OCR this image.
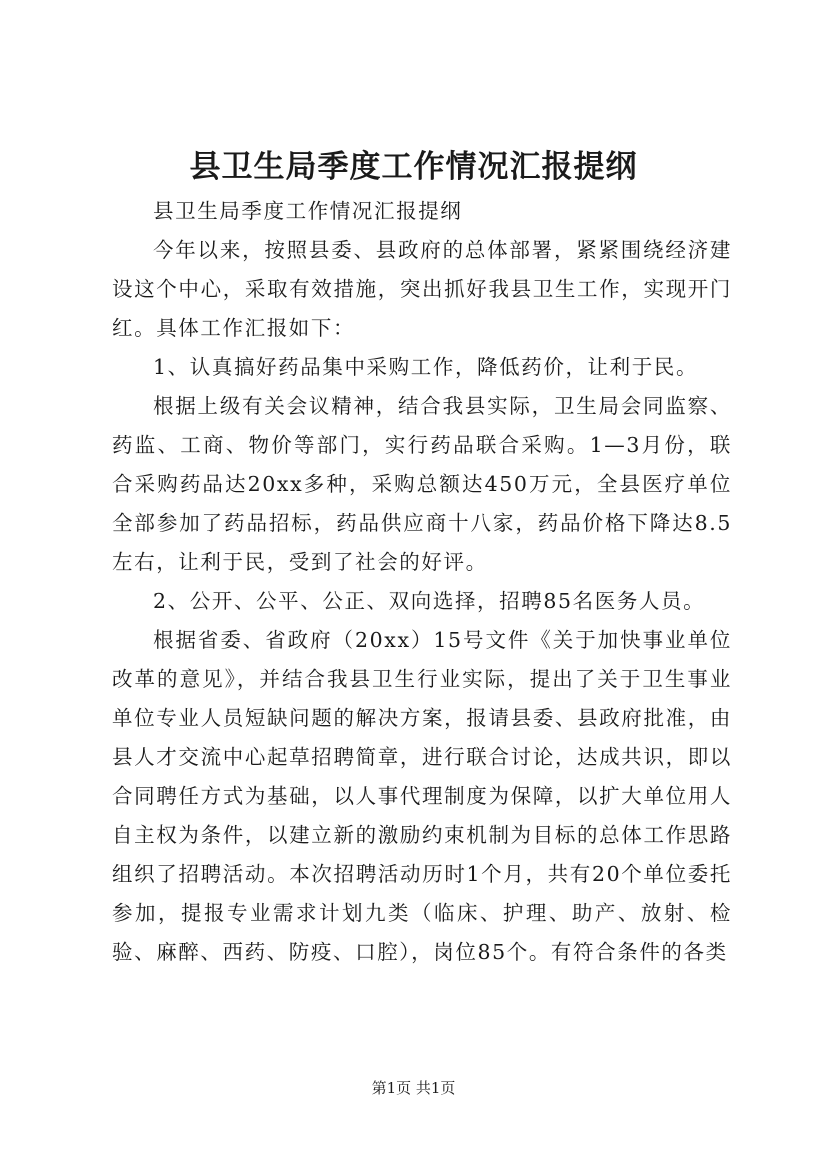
县卫生局季度工作情况汇报提纲

县卫生局季度工作情况汇报提纲

今年以来，按照县委、县政府的总体部署，紧紧围绕经济建设这个中心，采取有效措施，突出抓好我县卫生工作，实现开门红。具体工作汇报如下：

1、认真搞好药品集中采购工作，降低药价，让利于民。

根据上级有关会议精神，结合我县实际，卫生局会同监察、药监、工商、物价等部门，实行药品联合采购。1—3月份，联合采购药品达20xx多种，采购总额达450万元，全县医疗单位全部参加了药品招标，药品供应商十八家，药品价格下降达8.5左右，让利于民，受到了社会的好评。

2、公开、公平、公正、双向选择，招聘85名医务人员。

根据省委、省政府（20xx）15号文件《关于加快事业单位改革的意见》，并结合我县卫生行业实际，提出了关于卫生事业单位专业人员短缺问题的解决方案，报请县委、县政府批准，由县人才交流中心起草招聘简章，进行联合讨论，达成共识，即以合同聘任方式为基础，以人事代理制度为保障，以扩大单位用人自主权为条件，以建立新的激励约束机制为目标的总体工作思路组织了招聘活动。本次招聘活动历时1个月，共有20个单位委托参加，提报专业需求计划九类（临床、护理、助产、放射、检验、麻醉、西药、防疫、口腔），岗位85个。有符合条件的各类

第1页 共1页
